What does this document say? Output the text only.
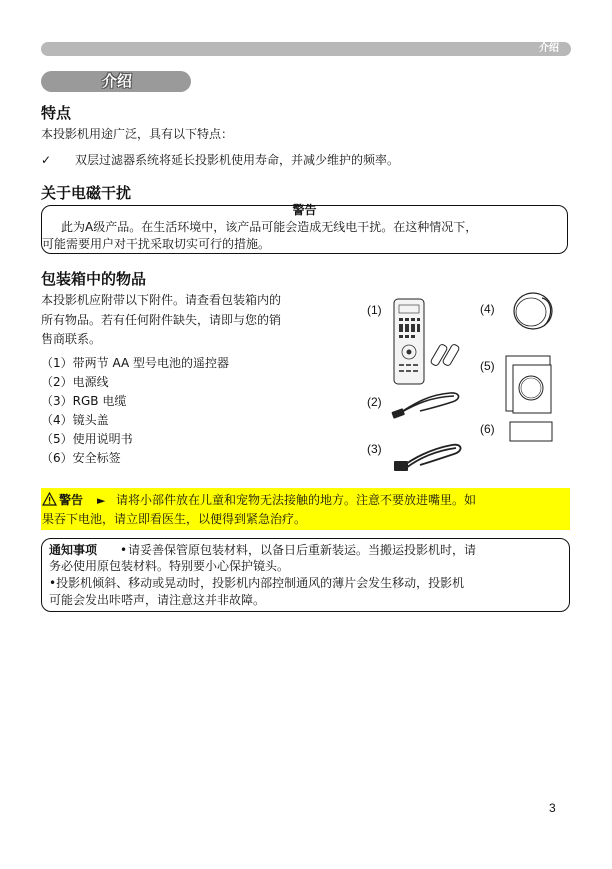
介绍
介绍
特点
本投影机用途广泛，具有以下特点：
✓ 双层过滤器系统将延长投影机使用寿命，并减少维护的频率。
关于电磁干扰
警告
此为A级产品。在生活环境中，该产品可能会造成无线电干扰。在这种情况下，
可能需要用户对干扰采取切实可行的措施。
包装箱中的物品
本投影机应附带以下附件。请查看包装箱内的
所有物品。若有任何附件缺失，请即与您的销
售商联系。
（1）带两节 AA 型号电池的遥控器
（2）电源线
（3）RGB 电缆
（4）镜头盖
（5）使用说明书
（6）安全标签
(1)
(2)
(3)
(4)
(5)
(6)
警告 ► 请将小部件放在儿童和宠物无法接触的地方。注意不要放进嘴里。如
果吞下电池，请立即看医生，以便得到紧急治疗。
通知事项 • 请妥善保管原包装材料，以备日后重新装运。当搬运投影机时，请
务必使用原包装材料。特别要小心保护镜头。
•投影机倾斜、移动或晃动时，投影机内部控制通风的薄片会发生移动，投影机
可能会发出咔嗒声，请注意这并非故障。
3
